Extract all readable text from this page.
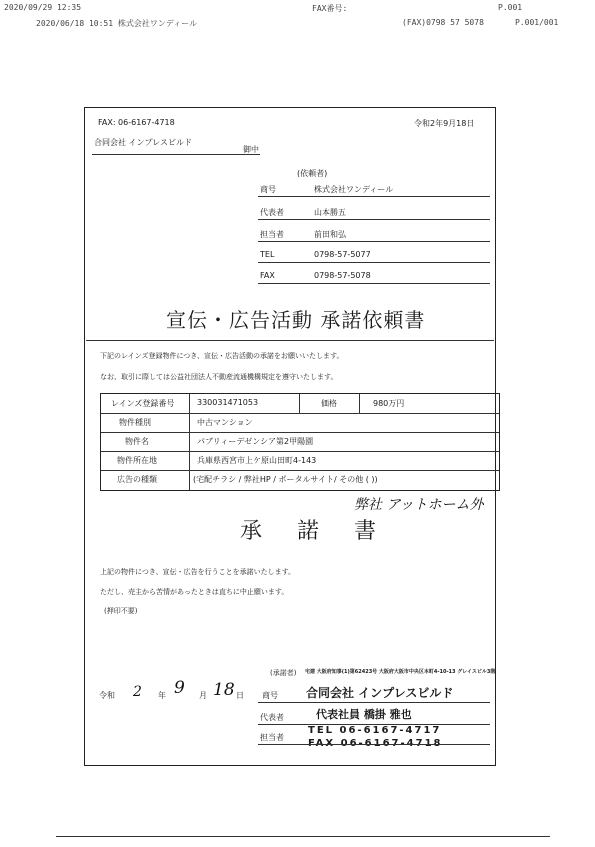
2020/09/29 12:35	FAX番号:	P.001
2020/06/18 10:51 株式会社ワンディール	(FAX)0798 57 5078	P.001/001
FAX: 06-6167-4718	令和2年9月18日
合同会社 インプレスビルド
御中
(依頼者)
商号	株式会社ワンディール
代表者	山本勝五
担当者	前田和弘
TEL	0798-57-5077
FAX	0798-57-5078
宣伝・広告活動 承諾依頼書
下記のレインズ登録物件につき、宣伝・広告活動の承諾をお願いいたします。
なお、取引に際しては公益社団法人不動産流通機構規定を遵守いたします。
レインズ登録番号	330031471053	価格	980万円
物件種別	中古マンション
物件名	パブリィーデゼンシア第2甲陽園
物件所在地	兵庫県西宮市上ケ原山田町4-143
広告の種類	(宅配チラシ / 弊社HP / ポータルサイト/ その他 ( ))
弊社 アットホーム外
承 諾 書
上記の物件につき、宣伝・広告を行うことを承諾いたします。
ただし、売主から苦情があったときは直ちに中止願います。
(押印不要)
(承諾者) 宅建 大阪府知事(1)第62423号 大阪府大阪市中央区本町4-10-13 グレイスビル3階
令和 2 年 9 月 18 日 商号 合同会社 インプレスビルド
代表者	代表社員 橋掛 雅也
担当者
TEL 06-6167-4717
FAX 06-6167-4718
